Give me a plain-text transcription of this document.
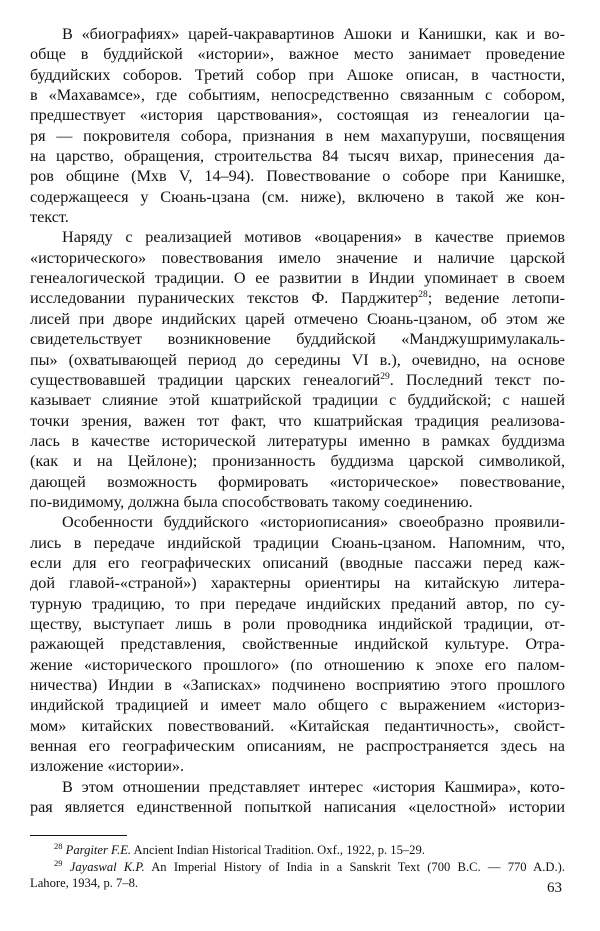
В «биографиях» царей-чакравартинов Ашоки и Канишки, как и во-
обще в буддийской «истории», важное место занимает проведение
буддийских соборов. Третий собор при Ашоке описан, в частности,
в «Махавамсе», где событиям, непосредственно связанным с собором,
предшествует «история царствования», состоящая из генеалогии ца-
ря — покровителя собора, признания в нем махапуруши, посвящения
на царство, обращения, строительства 84 тысяч вихар, принесения да-
ров общине (Мхв V, 14–94). Повествование о соборе при Канишке,
содержащееся у Сюань-цзана (см. ниже), включено в такой же кон-
текст.
Наряду с реализацией мотивов «воцарения» в качестве приемов
«исторического» повествования имело значение и наличие царской
генеалогической традиции. О ее развитии в Индии упоминает в своем
исследовании пуранических текстов Ф. Парджитер$^{28}$; ведение летопи-
лисей при дворе индийских царей отмечено Сюань-цзаном, об этом же
свидетельствует возникновение буддийской «Манджушримулакаль-
пы» (охватывающей период до середины VI в.), очевидно, на основе
существовавшей традиции царских генеалогий$^{29}$. Последний текст по-
казывает слияние этой кшатрийской традиции с буддийской; с нашей
точки зрения, важен тот факт, что кшатрийская традиция реализова-
лась в качестве исторической литературы именно в рамках буддизма
(как и на Цейлоне); пронизанность буддизма царской символикой,
дающей возможность формировать «историческое» повествование,
по-видимому, должна была способствовать такому соединению.
Особенности буддийского «историописания» своеобразно проявили-
лись в передаче индийской традиции Сюань-цзаном. Напомним, что,
если для его географических описаний (вводные пассажи перед каж-
дой главой-«страной») характерны ориентиры на китайскую литера-
турную традицию, то при передаче индийских преданий автор, по су-
ществу, выступает лишь в роли проводника индийской традиции, от-
ражающей представления, свойственные индийской культуре. Отра-
жение «исторического прошлого» (по отношению к эпохе его палом-
ничества) Индии в «Записках» подчинено восприятию этого прошлого
индийской традицией и имеет мало общего с выражением «историз-
мом» китайских повествований. «Китайская педантичность», свойст-
венная его географическим описаниям, не распространяется здесь на
изложение «истории».
В этом отношении представляет интерес «история Кашмира», кото-
рая является единственной попыткой написания «целостной» истории
$^{28}$ Pargiter F.E. Ancient Indian Historical Tradition. Oxf., 1922, p. 15–29.
$^{29}$ Jayaswal K.P. An Imperial History of India in a Sanskrit Text (700 B.C. — 770 A.D.).
Lahore, 1934, p. 7–8.	63
